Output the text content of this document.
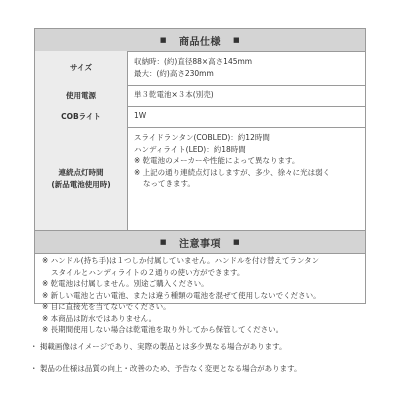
■ 商品仕様 ■
サイズ
収納時：(約)直径88×高さ145mm
最大：(約)高さ230mm
使用電源	単３乾電池×３本(別売)
COBライト	1W
連続点灯時間
(新品電池使用時)
スライドランタン(COBLED)：約12時間
ハンディライト(LED)：約18時間
※ 乾電池のメーカーや性能によって異なります。
※ 上記の通り連続点灯はしますが、多少、徐々に光は弱く
なってきます。
■ 注意事項 ■
※ ハンドル(持ち手)は１つしか付属していません。ハンドルを付け替えてランタン
スタイルとハンディライトの２通りの使い方ができます。
※ 乾電池は付属しません。別途ご購入ください。
※ 新しい電池と古い電池、または違う種類の電池を混ぜて使用しないでください。
※ 目に直接光を当てないでください。
※ 本商品は防水ではありません。
※ 長期間使用しない場合は乾電池を取り外してから保管してください。
・ 掲載画像はイメージであり、実際の製品とは多少異なる場合があります。
・ 製品の仕様は品質の向上・改善のため、予告なく変更となる場合があります。
